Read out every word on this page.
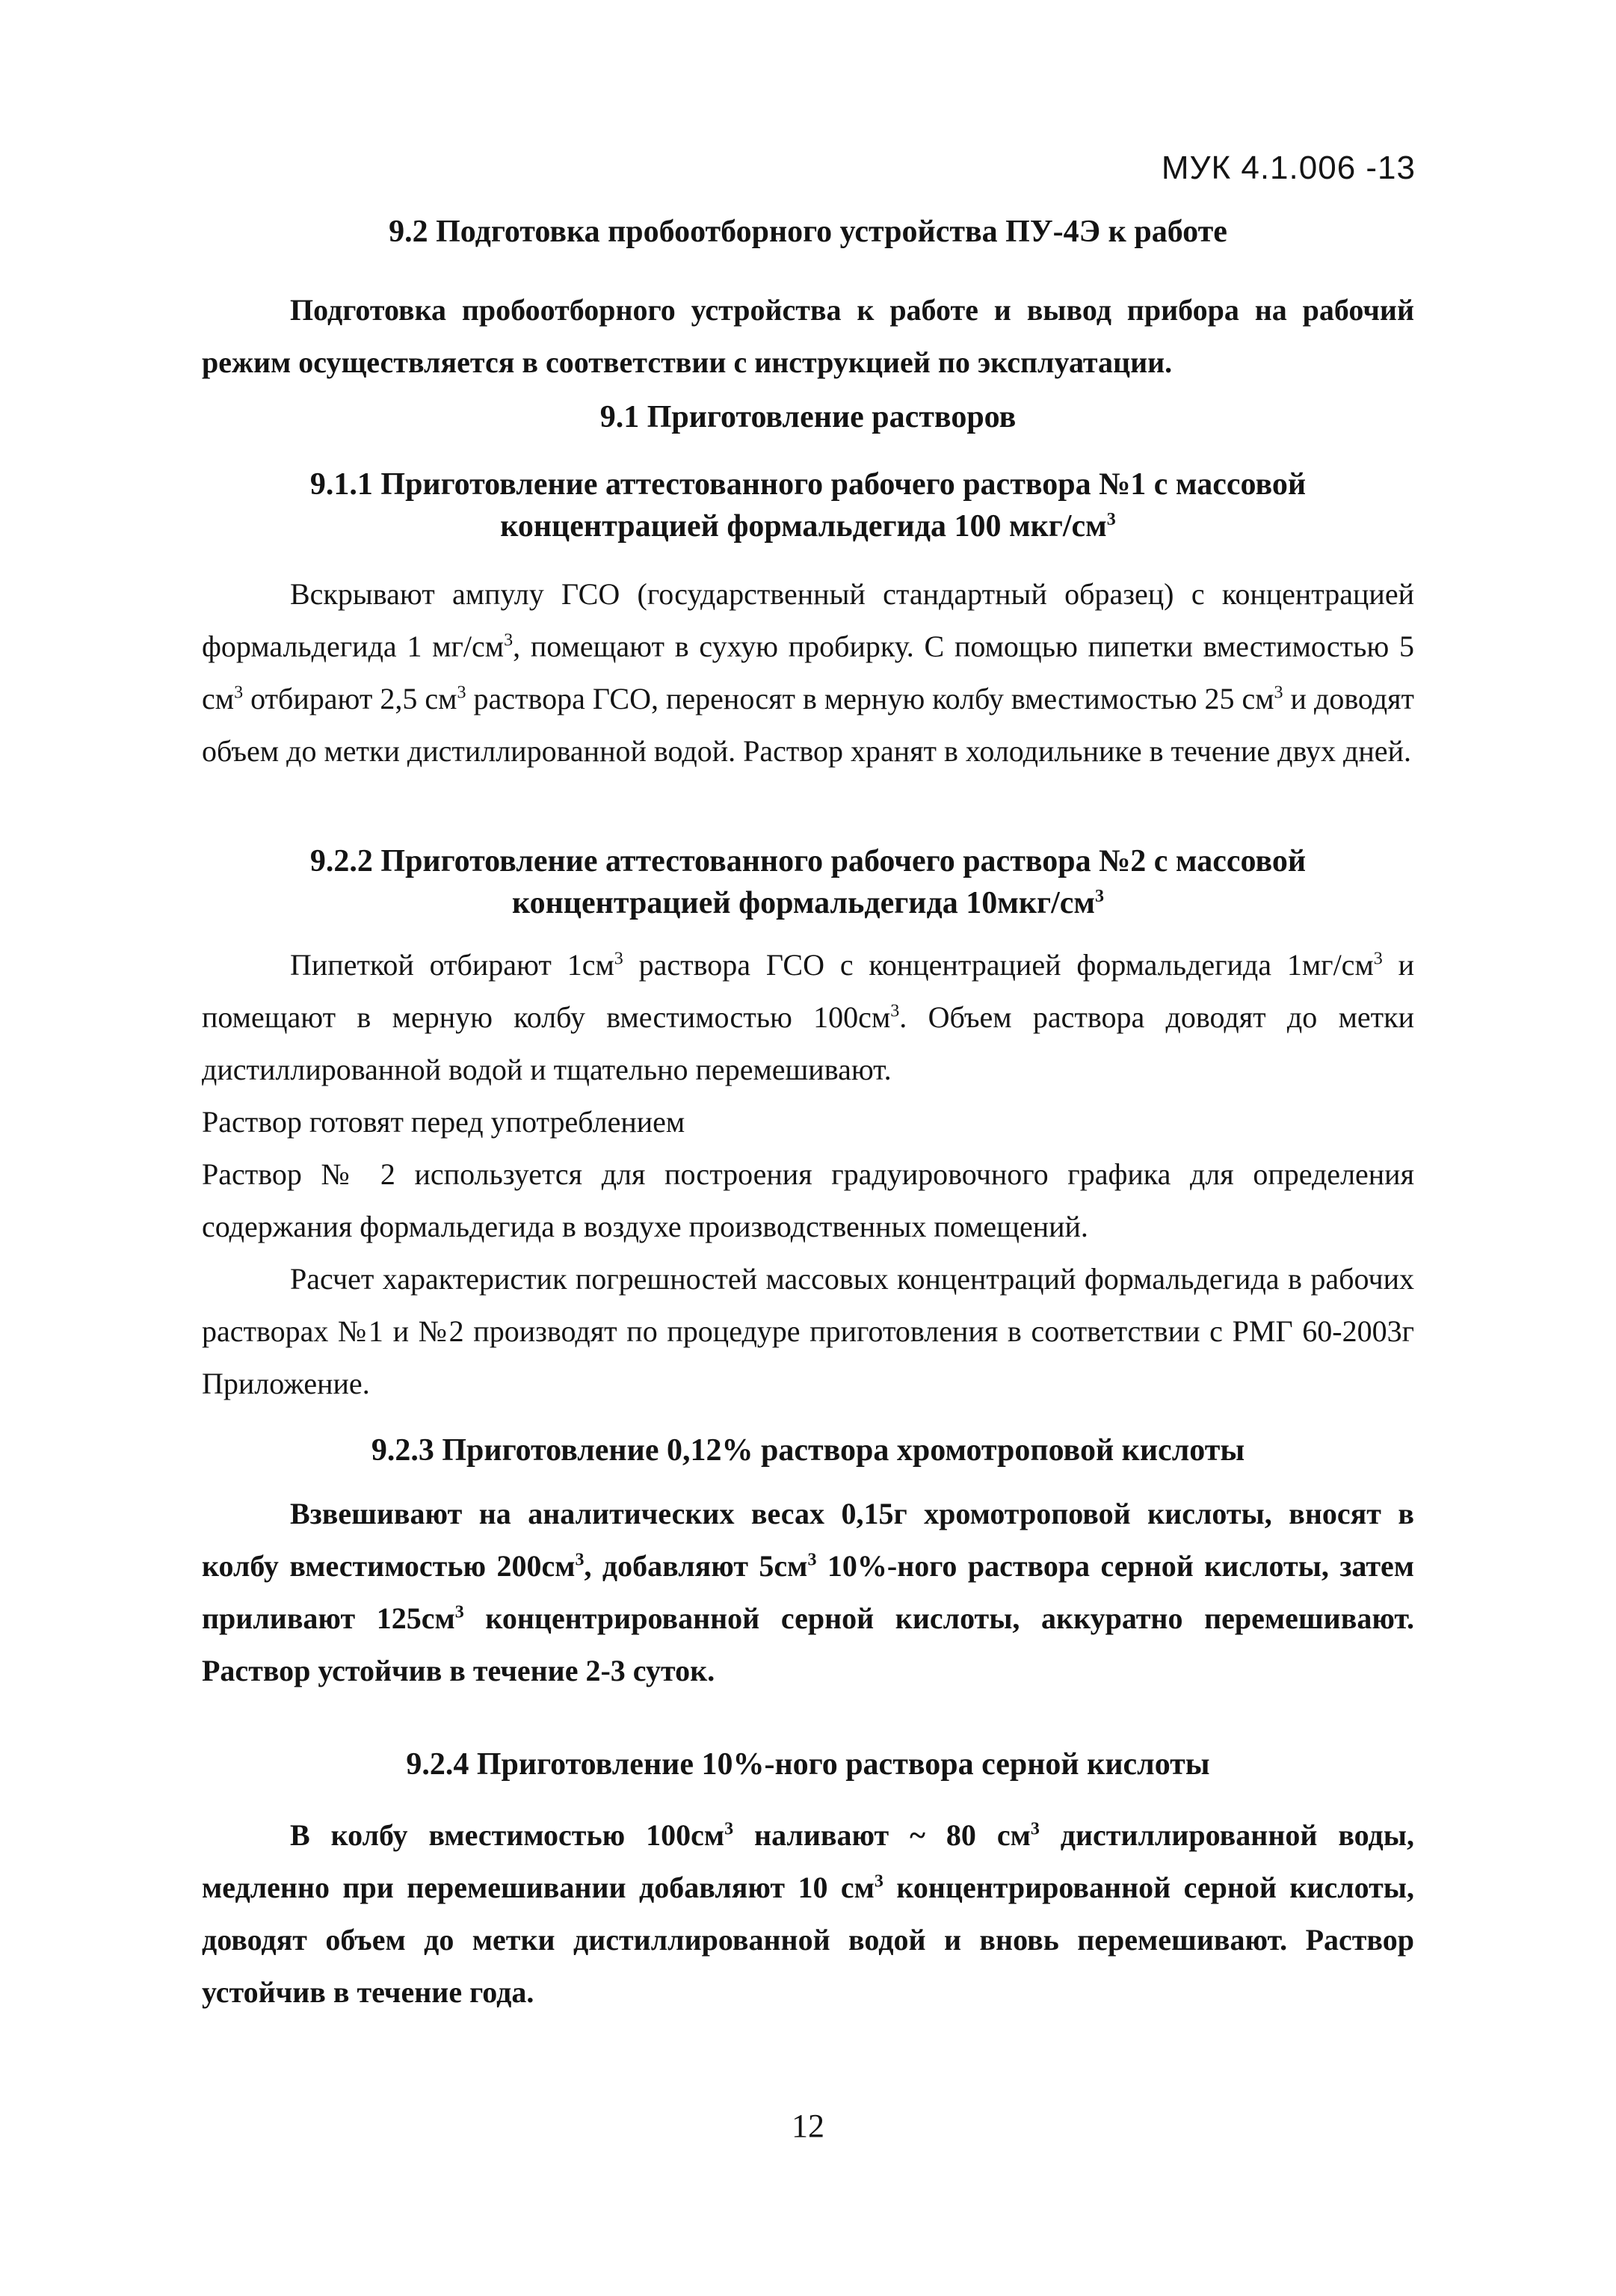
МУК 4.1.006 -13
9.2 Подготовка пробоотборного устройства ПУ-4Э к работе

Подготовка пробоотборного устройства к работе и вывод прибора на рабочий режим осуществляется в соответствии с инструкцией по эксплуатации.

9.1 Приготовление растворов
9.1.1 Приготовление аттестованного рабочего раствора №1 с массовой концентрацией формальдегида 100 мкг/$см^3$

Вскрывают ампулу ГСО (государственный стандартный образец) с концентрацией формальдегида 1 $мг/см^3$, помещают в сухую пробирку. С помощью пипетки вместимостью 5 $см^3$ отбирают 2,5 $см^3$ раствора ГСО, переносят в мерную колбу вместимостью 25 $см^3$ и доводят объем до метки дистиллированной водой. Раствор хранят в холодильнике в течение двух дней.

9.2.2 Приготовление аттестованного рабочего раствора №2 с массовой концентрацией формальдегида $10мкг/см^3$

Пипеткой отбирают $1см^3$ раствора ГСО с концентрацией формальдегида $1мг/см^3$ и помещают в мерную колбу вместимостью $100см^3$. Объем раствора доводят до метки дистиллированной водой и тщательно перемешивают.

Раствор готовят перед употреблением

Раствор № 2 используется для построения градуировочного графика для определения содержания формальдегида в воздухе производственных помещений.

Расчет характеристик погрешностей массовых концентраций формальдегида в рабочих растворах №1 и №2 производят по процедуре приготовления в соответствии с РМГ 60-2003г Приложение.

9.2.3 Приготовление 0,12% раствора хромотроповой кислоты

Взвешивают на аналитических весах 0,15г хромотроповой кислоты, вносят в колбу вместимостью $200см^3$, добавляют $5см^3$ 10%-ного раствора серной кислоты, затем приливают $125см^3$ концентрированной серной кислоты, аккуратно перемешивают. Раствор устойчив в течение 2-3 суток.

9.2.4 Приготовление 10%-ного раствора серной кислоты

В колбу вместимостью $100см^3$ наливают ~ 80 $см^3$ дистиллированной воды, медленно при перемешивании добавляют 10 $см^3$ концентрированной серной кислоты, доводят объем до метки дистиллированной водой и вновь перемешивают. Раствор устойчив в течение года.

12
